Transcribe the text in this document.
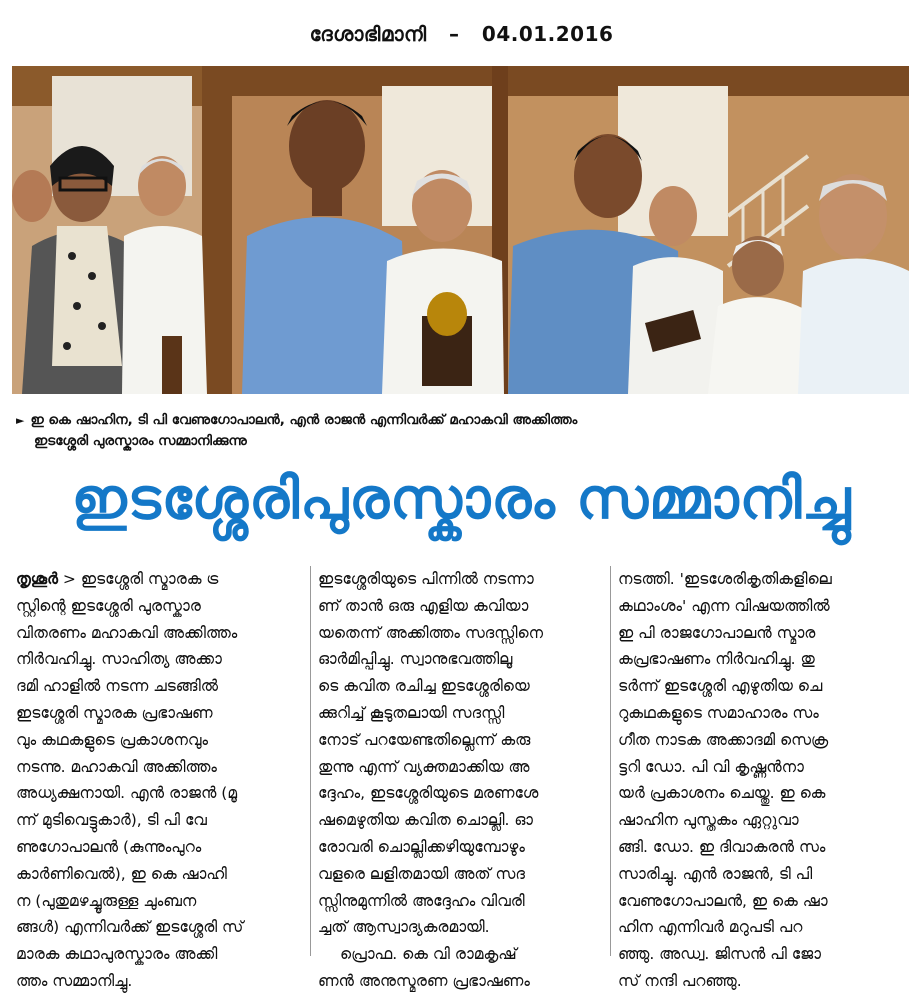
ദേശാഭിമാനി – 04.01.2016
► ഇ കെ ഷാഹിന, ടി പി വേണുഗോപാലൻ, എൻ രാജൻ എന്നിവർക്ക് മഹാകവി അക്കിത്തം
ഇടശ്ശേരി പുരസ്കാരം സമ്മാനിക്കുന്നു
ഇടശ്ശേരിപുരസ്കാരം സമ്മാനിച്ചു
തൃശൂർ > ഇടശ്ശേരി സ്മാരക ട്ര
സ്റ്റിന്റെ ഇടശ്ശേരി പുരസ്കാര
വിതരണം മഹാകവി അക്കിത്തം
നിർവഹിച്ചു. സാഹിത്യ അക്കാ
ദമി ഹാളിൽ നടന്ന ചടങ്ങിൽ
ഇടശ്ശേരി സ്മാരക പ്രഭാഷണ
വും കഥകളുടെ പ്രകാശനവും
നടന്നു. മഹാകവി അക്കിത്തം
അധ്യക്ഷനായി. എൻ രാജൻ (മൂ
ന്ന് മുടിവെട്ടുകാർ), ടി പി വേ
ണുഗോപാലൻ (കുന്നുംപുറം
കാർണിവെൽ), ഇ കെ ഷാഹി
ന (പുതുമഴച്ചൂരുള്ള ചുംബന
ങ്ങൾ) എന്നിവർക്ക് ഇടശ്ശേരി സ്
മാരക കഥാപുരസ്കാരം അക്കി
ത്തം സമ്മാനിച്ചു.
ഇടശ്ശേരിയുടെ പിന്നിൽ നടന്നാ
ണ് താൻ ഒരു എളിയ കവിയാ
യതെന്ന് അക്കിത്തം സദസ്സിനെ
ഓർമിപ്പിച്ചു. സ്വാനുഭവത്തിലൂ
ടെ കവിത രചിച്ച ഇടശ്ശേരിയെ
ക്കുറിച്ച് കൂടുതലായി സദസ്സി
നോട് പറയേണ്ടതില്ലെന്ന് കരു
തുന്നു എന്ന് വ്യക്തമാക്കിയ അ
ദ്ദേഹം, ഇടശ്ശേരിയുടെ മരണശേ
ഷമെഴുതിയ കവിത ചൊല്ലി. ഓ
രോവരി ചൊല്ലിക്കഴിയുമ്പോഴും
വളരെ ലളിതമായി അത് സദ
സ്സിനുമുന്നിൽ അദ്ദേഹം വിവരി
ച്ചത് ആസ്വാദ്യകരമായി.
പ്രൊഫ. കെ വി രാമകൃഷ്
ണൻ അനുസ്മരണ പ്രഭാഷണം
നടത്തി. 'ഇടശേരികൃതികളിലെ
കഥാംശം' എന്ന വിഷയത്തിൽ
ഇ പി രാജഗോപാലൻ സ്മാര
കപ്രഭാഷണം നിർവഹിച്ചു. തു
ടർന്ന് ഇടശ്ശേരി എഴുതിയ ചെ
റുകഥകളുടെ സമാഹാരം സം
ഗീത നാടക അക്കാദമി സെക്ര
ട്ടറി ഡോ. പി വി കൃഷ്ണൻനാ
യർ പ്രകാശനം ചെയ്തു. ഇ കെ
ഷാഹിന പുസ്തകം ഏറ്റുവാ
ങ്ങി. ഡോ. ഇ ദിവാകരൻ സം
സാരിച്ചു. എൻ രാജൻ, ടി പി
വേണുഗോപാലൻ, ഇ കെ ഷാ
ഹിന എന്നിവർ മറുപടി പറ
ഞ്ഞു. അഡ്വ. ജിസൻ പി ജോ
സ് നന്ദി പറഞ്ഞു.
